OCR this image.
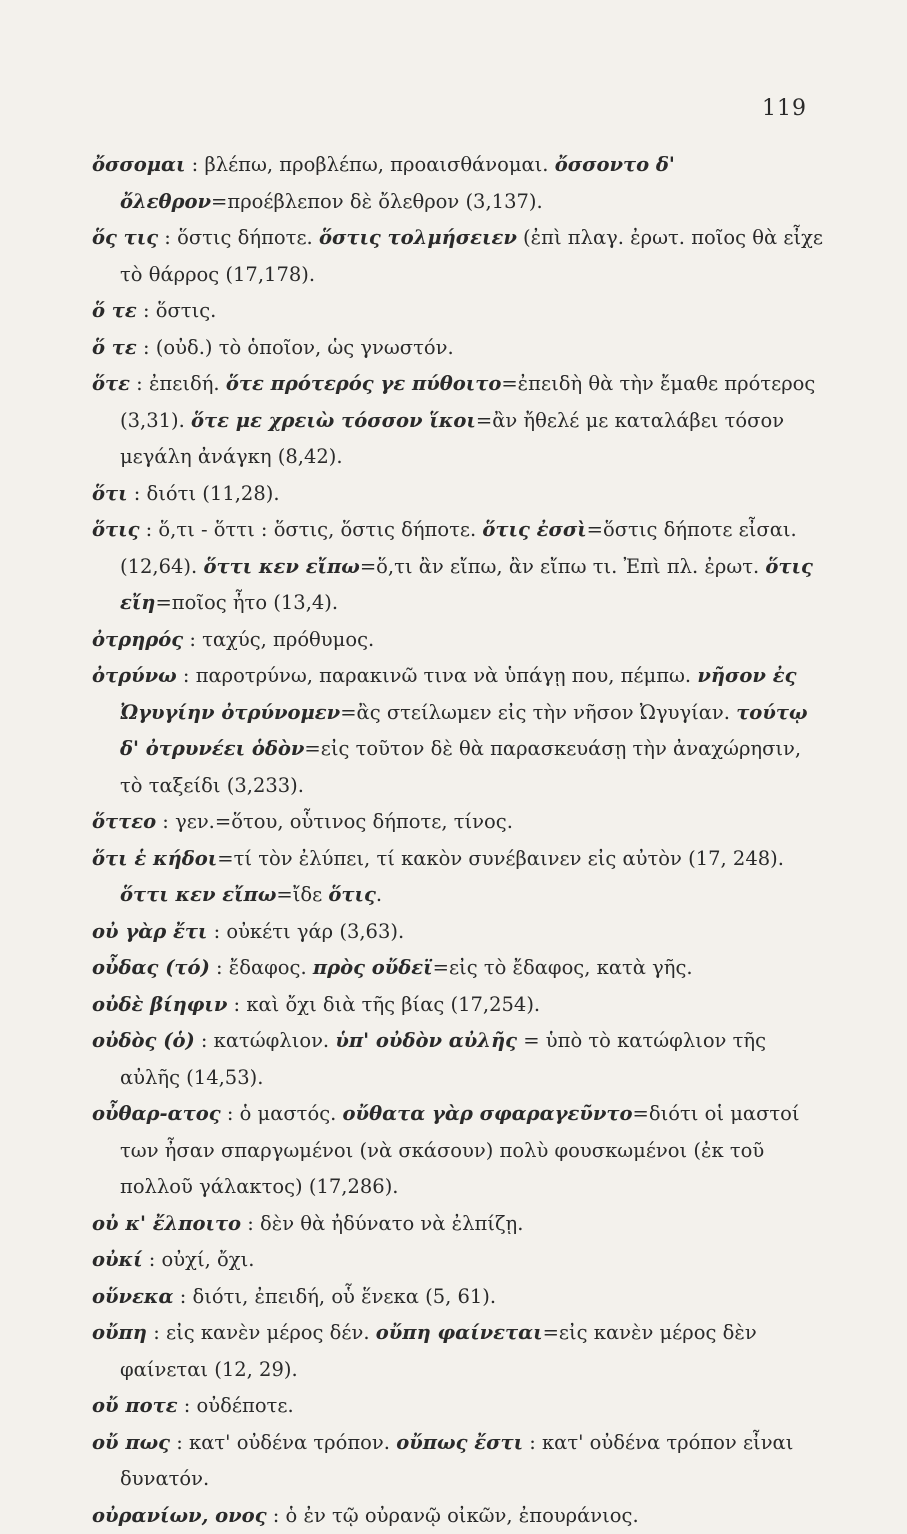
119

ὄσσομαι : βλέπω, προβλέπω, προαισθάνομαι. ὄσσοντο δ' ὄλεθρον=προέβλεπον δὲ ὄλεθρον (3,137).

ὅς τις : ὅστις δήποτε. ὅστις τολμήσειεν (ἐπὶ πλαγ. ἐρωτ. ποῖος θὰ εἶχε τὸ θάρρος (17,178).

ὅ τε : ὅστις.

ὅ τε : (οὐδ.) τὸ ὁποῖον, ὡς γνωστόν.

ὅτε : ἐπειδή. ὅτε πρότερός γε πύθοιτο=ἐπειδὴ θὰ τὴν ἔμαθε πρότερος (3,31). ὅτε με χρειὼ τόσσον ἵκοι=ἂν ἤθελέ με καταλάβει τόσον μεγάλη ἀνάγκη (8,42).

ὅτι : διότι (11,28).

ὅτις : ὅ,τι - ὅττι : ὅστις, ὅστις δήποτε. ὅτις ἐσσὶ=ὅστις δήποτε εἶσαι. (12,64). ὅττι κεν εἴπω=ὅ,τι ἂν εἴπω, ἂν εἴπω τι. Ἐπὶ πλ. ἐρωτ. ὅτις εἴη=ποῖος ἦτο (13,4).

ὀτρηρός : ταχύς, πρόθυμος.

ὀτρύνω : παροτρύνω, παρακινῶ τινα νὰ ὑπάγῃ που, πέμπω. νῆσον ἐς Ὠγυγίην ὀτρύνομεν=ἂς στείλωμεν εἰς τὴν νῆσον Ὠγυγίαν. τούτῳ δ' ὀτρυνέει ὁδὸν=εἰς τοῦτον δὲ θὰ παρασκευάσῃ τὴν ἀναχώρησιν, τὸ ταξείδι (3,233).

ὅττεο : γεν.=ὅτου, οὗτινος δήποτε, τίνος.

ὅτι ἑ κήδοι=τί τὸν ἐλύπει, τί κακὸν συνέβαινεν εἰς αὐτὸν (17, 248). ὅττι κεν εἴπω=ἴδε ὅτις.

οὐ γὰρ ἔτι : οὐκέτι γάρ (3,63).

οὖδας (τό) : ἔδαφος. πρὸς οὔδεϊ=εἰς τὸ ἔδαφος, κατὰ γῆς.

οὐδὲ βίηφιν : καὶ ὄχι διὰ τῆς βίας (17,254).

οὐδὸς (ὁ) : κατώφλιον. ὑπ' οὐδὸν αὐλῆς = ὑπὸ τὸ κατώφλιον τῆς αὐλῆς (14,53).

οὖθαρ-ατος : ὁ μαστός. οὔθατα γὰρ σφαραγεῦντο=διότι οἱ μαστοί των ἦσαν σπαργωμένοι (νὰ σκάσουν) πολὺ φουσκωμένοι (ἐκ τοῦ πολλοῦ γάλακτος) (17,286).

οὐ κ' ἔλποιτο : δὲν θὰ ἠδύνατο νὰ ἐλπίζῃ.

οὐκί : οὐχί, ὄχι.

οὕνεκα : διότι, ἐπειδή, οὗ ἕνεκα (5, 61).

οὔπη : εἰς κανὲν μέρος δέν. οὔπη φαίνεται=εἰς κανὲν μέρος δὲν φαίνεται (12, 29).

οὔ ποτε : οὐδέποτε.

οὔ πως : κατ' οὐδένα τρόπον. οὔπως ἔστι : κατ' οὐδένα τρόπον εἶναι δυνατόν.

οὐρανίων, ονος : ὁ ἐν τῷ οὐρανῷ οἰκῶν, ἐπουράνιος.
